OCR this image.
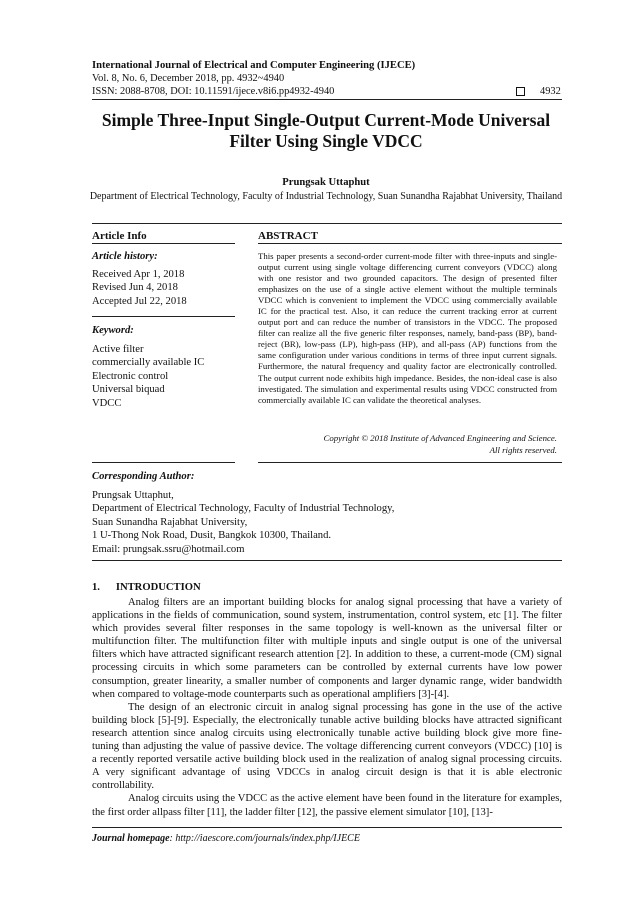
International Journal of Electrical and Computer Engineering (IJECE)
Vol. 8, No. 6, December 2018, pp. 4932~4940
ISSN: 2088-8708, DOI: 10.11591/ijece.v8i6.pp4932-4940	4932
Simple Three-Input Single-Output Current-Mode Universal
Filter Using Single VDCC
Prungsak Uttaphut
Department of Electrical Technology, Faculty of Industrial Technology, Suan Sunandha Rajabhat University, Thailand
Article Info
Article history:
Received Apr 1, 2018
Revised Jun 4, 2018
Accepted Jul 22, 2018
Keyword:
Active filter
commercially available IC
Electronic control
Universal biquad
VDCC
ABSTRACT
This paper presents a second-order current-mode filter with three-inputs and single-output current using single voltage differencing current conveyors (VDCC) along with one resistor and two grounded capacitors. The design of presented filter emphasizes on the use of a single active element without the multiple terminals VDCC which is convenient to implement the VDCC using commercially available IC for the practical test. Also, it can reduce the current tracking error at current output port and can reduce the number of transistors in the VDCC. The proposed filter can realize all the five generic filter responses, namely, band-pass (BP), band-reject (BR), low-pass (LP), high-pass (HP), and all-pass (AP) functions from the same configuration under various conditions in terms of three input current signals. Furthermore, the natural frequency and quality factor are electronically controlled. The output current node exhibits high impedance. Besides, the non-ideal case is also investigated. The simulation and experimental results using VDCC constructed from commercially available IC can validate the theoretical analyses.
Copyright © 2018 Institute of Advanced Engineering and Science.
All rights reserved.
Corresponding Author:
Prungsak Uttaphut,
Department of Electrical Technology, Faculty of Industrial Technology,
Suan Sunandha Rajabhat University,
1 U-Thong Nok Road, Dusit, Bangkok 10300, Thailand.
Email: prungsak.ssru@hotmail.com
1.      INTRODUCTION

Analog filters are an important building blocks for analog signal processing that have a variety of applications in the fields of communication, sound system, instrumentation, control system, etc [1]. The filter which provides several filter responses in the same topology is well-known as the universal filter or multifunction filter. The multifunction filter with multiple inputs and single output is one of the universal filters which have attracted significant research attention [2]. In addition to these, a current-mode (CM) signal processing circuits in which some parameters can be controlled by external currents have low power consumption, greater linearity, a smaller number of components and larger dynamic range, wider bandwidth when compared to voltage-mode counterparts such as operational amplifiers [3]-[4].

The design of an electronic circuit in analog signal processing has gone in the use of the active building block [5]-[9]. Especially, the electronically tunable active building blocks have attracted significant research attention since analog circuits using electronically tunable active building block give more fine-tuning than adjusting the value of passive device. The voltage differencing current conveyors (VDCC) [10] is a recently reported versatile active building block used in the realization of analog signal processing circuits. A very significant advantage of using VDCCs in analog circuit design is that it is able electronic controllability.

Analog circuits using the VDCC as the active element have been found in the literature for examples, the first order allpass filter [11], the ladder filter [12], the passive element simulator [10], [13]-

Journal homepage: http://iaescore.com/journals/index.php/IJECE
